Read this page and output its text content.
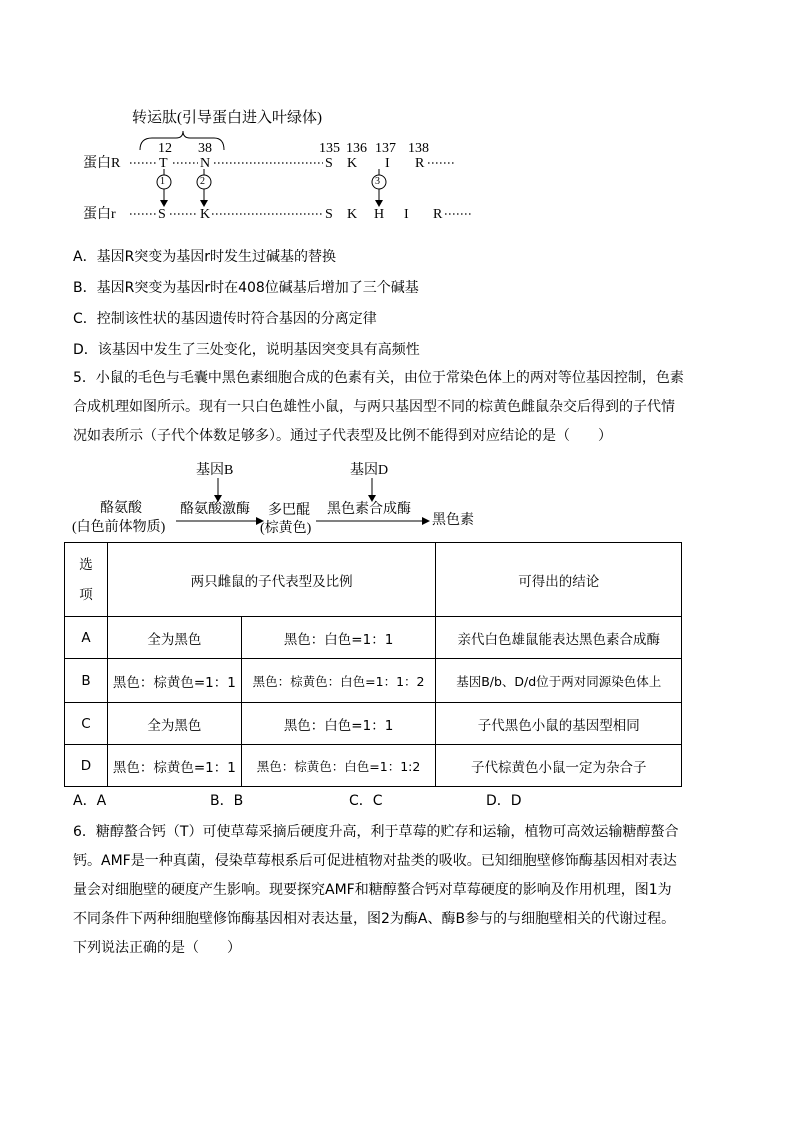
转运肽(引导蛋白进入叶绿体)
12 38	135 136 137 138
蛋白R	T N	S K I R
1	2	3
蛋白r	S K	S K H I R
A．基因R突变为基因r时发生过碱基的替换
B．基因R突变为基因r时在408位碱基后增加了三个碱基
C．控制该性状的基因遗传时符合基因的分离定律
D．该基因中发生了三处变化，说明基因突变具有高频性
5．小鼠的毛色与毛囊中黑色素细胞合成的色素有关，由位于常染色体上的两对等位基因控制，色素合成机理如图所示。现有一只白色雄性小鼠，与两只基因型不同的棕黄色雌鼠杂交后得到的子代情况如表所示（子代个体数足够多）。通过子代表型及比例不能得到对应结论的是（　　）
基因B	基因D
酪氨酸
(白色前体物质)
酪氨酸激酶 多巴醌
(棕黄色)
黑色素合成酶
黑色素
选
项	两只雌鼠的子代表型及比例		可得出的结论
A	全为黑色	黑色：白色=1：1	亲代白色雄鼠能表达黑色素合成酶
B	黑色：棕黄色=1：1	黑色：棕黄色：白色=1：1：2	基因B/b、D/d位于两对同源染色体上
C	全为黑色	黑色：白色=1：1	子代黑色小鼠的基因型相同
D	黑色：棕黄色=1：1	黑色：棕黄色：白色=1：1:2	子代棕黄色小鼠一定为杂合子
A．A	B．B	C．C	D．D
6．糖醇螯合钙（T）可使草莓采摘后硬度升高，利于草莓的贮存和运输，植物可高效运输糖醇螯合钙。AMF是一种真菌，侵染草莓根系后可促进植物对盐类的吸收。已知细胞壁修饰酶基因相对表达量会对细胞壁的硬度产生影响。现要探究AMF和糖醇螯合钙对草莓硬度的影响及作用机理，图1为不同条件下两种细胞壁修饰酶基因相对表达量，图2为酶A、酶B参与的与细胞壁相关的代谢过程。下列说法正确的是（　　）
